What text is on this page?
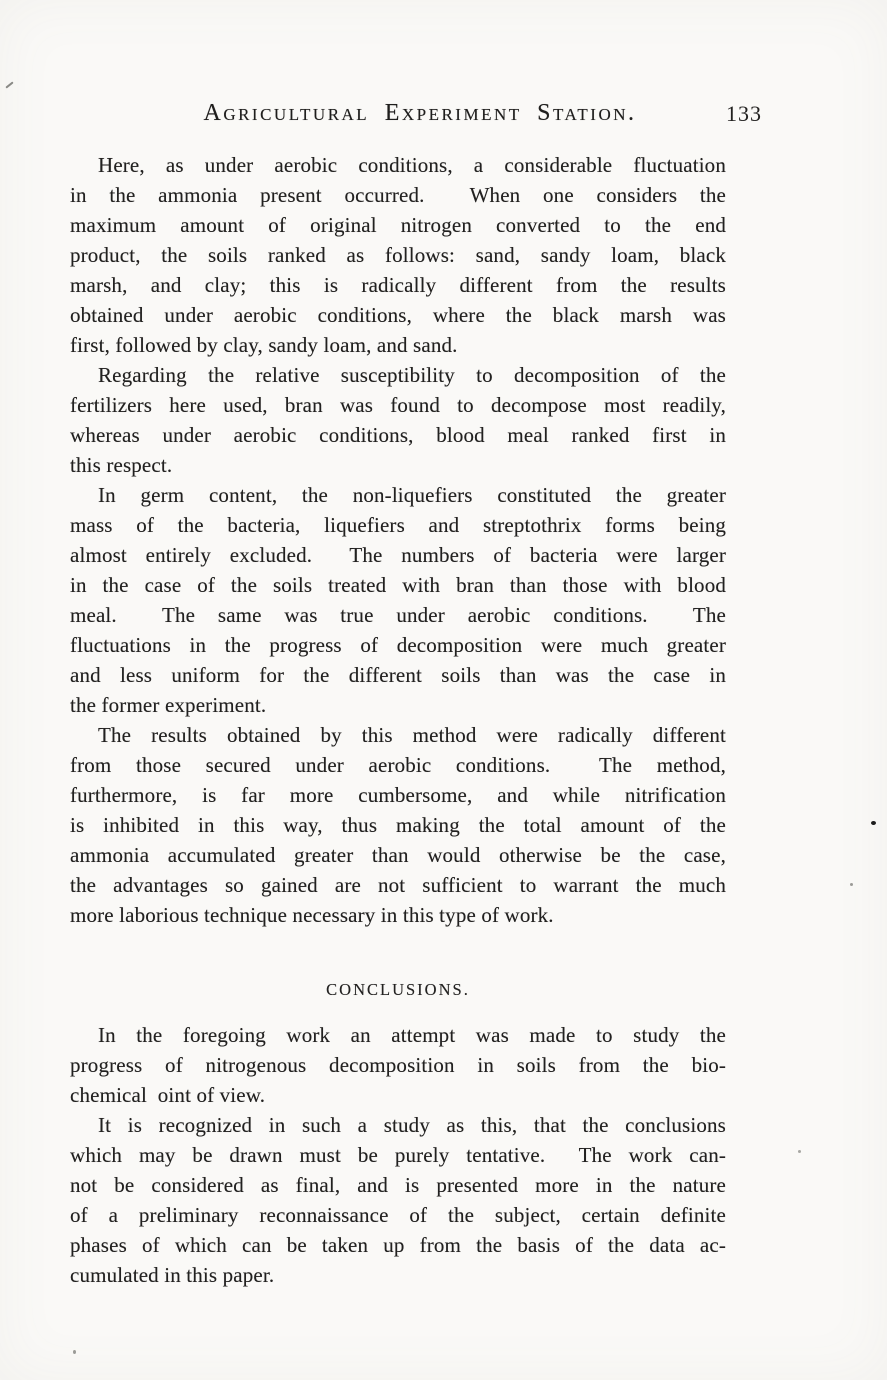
Agricultural Experiment Station.	133
Here, as under aerobic conditions, a considerable fluctuation
in the ammonia present occurred.  When one considers the
maximum amount of original nitrogen converted to the end
product, the soils ranked as follows: sand, sandy loam, black
marsh, and clay; this is radically different from the results
obtained under aerobic conditions, where the black marsh was
first, followed by clay, sandy loam, and sand.
Regarding the relative susceptibility to decomposition of the
fertilizers here used, bran was found to decompose most readily,
whereas under aerobic conditions, blood meal ranked first in
this respect.
In germ content, the non-liquefiers constituted the greater
mass of the bacteria, liquefiers and streptothrix forms being
almost entirely excluded.  The numbers of bacteria were larger
in the case of the soils treated with bran than those with blood
meal.  The same was true under aerobic conditions.  The
fluctuations in the progress of decomposition were much greater
and less uniform for the different soils than was the case in
the former experiment.
The results obtained by this method were radically different
from those secured under aerobic conditions.  The method,
furthermore, is far more cumbersome, and while nitrification
is inhibited in this way, thus making the total amount of the
ammonia accumulated greater than would otherwise be the case,
the advantages so gained are not sufficient to warrant the much
more laborious technique necessary in this type of work.
CONCLUSIONS.
In the foregoing work an attempt was made to study the
progress of nitrogenous decomposition in soils from the bio-
chemical  oint of view.
It is recognized in such a study as this, that the conclusions
which may be drawn must be purely tentative.  The work can-
not be considered as final, and is presented more in the nature
of a preliminary reconnaissance of the subject, certain definite
phases of which can be taken up from the basis of the data ac-
cumulated in this paper.
